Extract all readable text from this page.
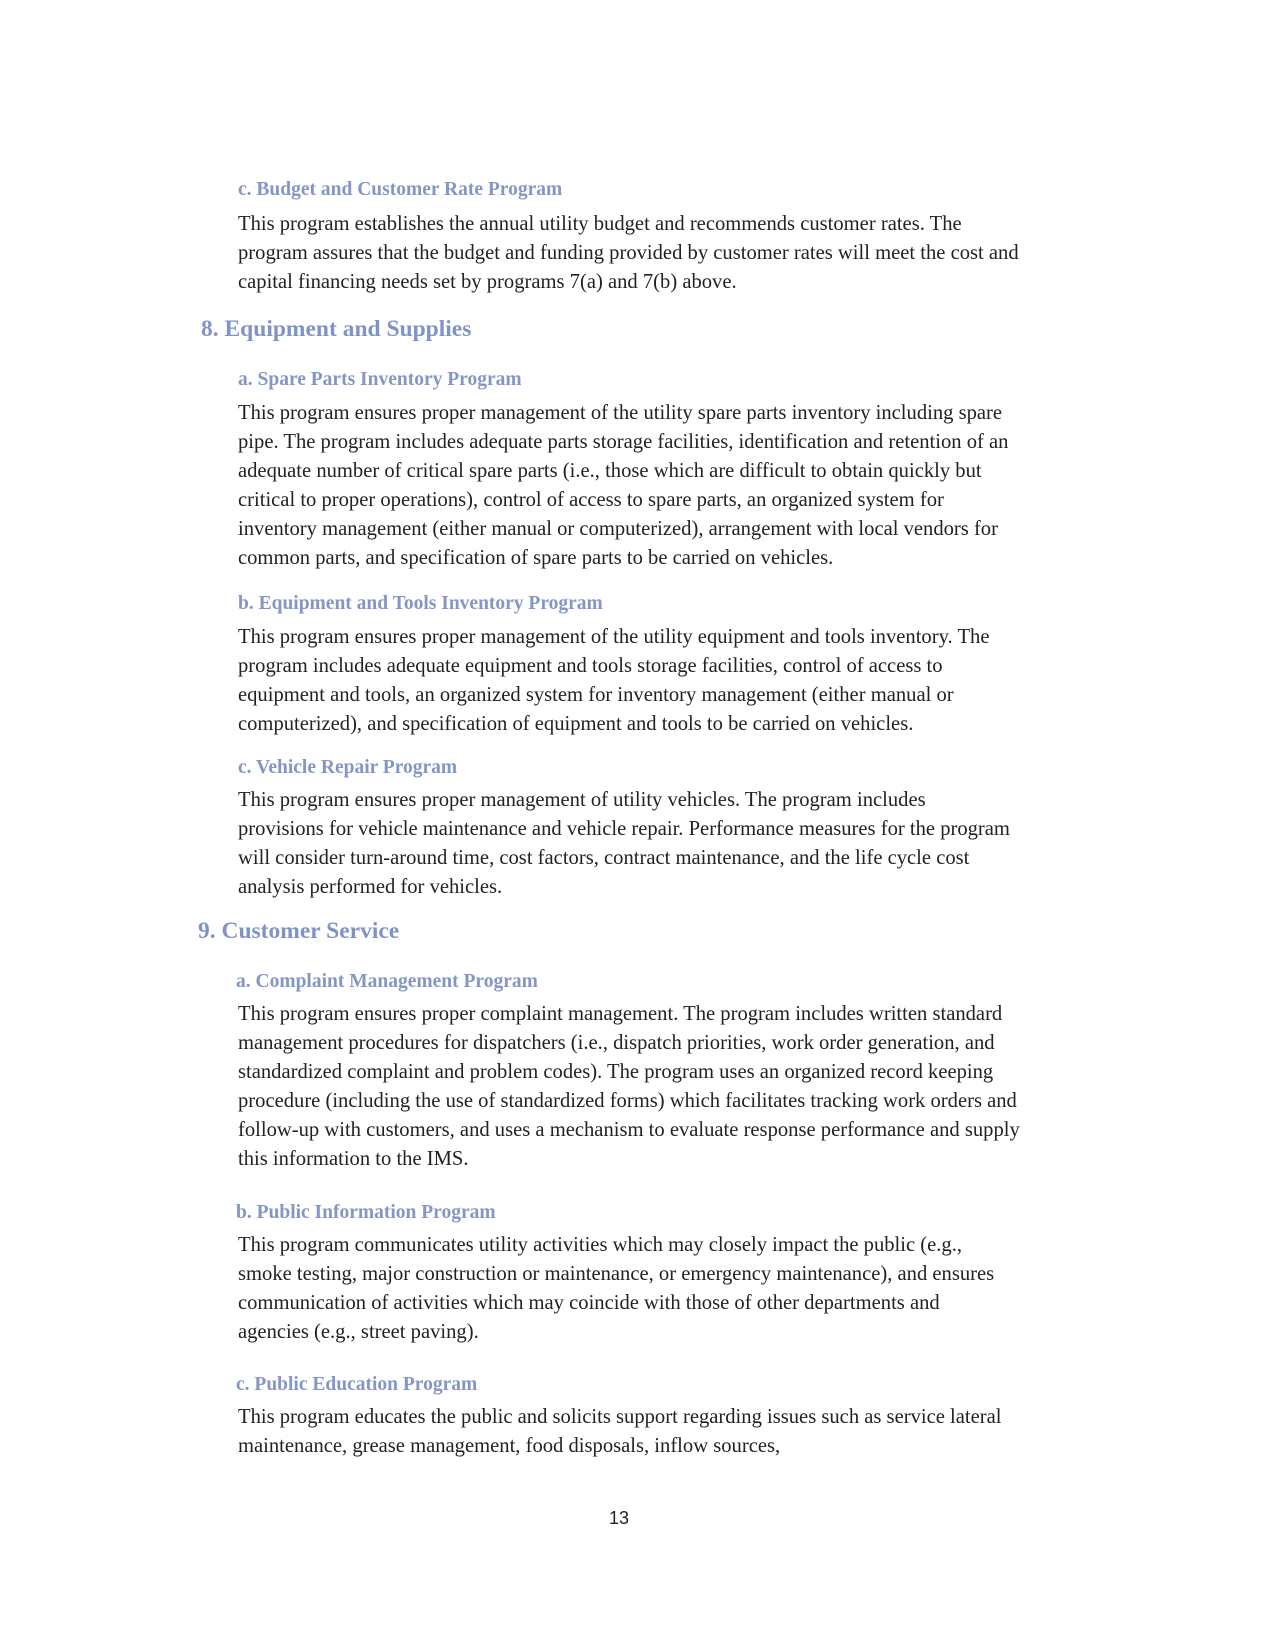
c. Budget and Customer Rate Program
This program establishes the annual utility budget and recommends customer rates. The
program assures that the budget and funding provided by customer rates will meet the cost and
capital financing needs set by programs 7(a) and 7(b) above.
8. Equipment and Supplies
a. Spare Parts Inventory Program
This program ensures proper management of the utility spare parts inventory including spare
pipe. The program includes adequate parts storage facilities, identification and retention of an
adequate number of critical spare parts (i.e., those which are difficult to obtain quickly but
critical to proper operations), control of access to spare parts, an organized system for
inventory management (either manual or computerized), arrangement with local vendors for
common parts, and specification of spare parts to be carried on vehicles.
b. Equipment and Tools Inventory Program
This program ensures proper management of the utility equipment and tools inventory. The
program includes adequate equipment and tools storage facilities, control of access to
equipment and tools, an organized system for inventory management (either manual or
computerized), and specification of equipment and tools to be carried on vehicles.
c. Vehicle Repair Program
This program ensures proper management of utility vehicles. The program includes
provisions for vehicle maintenance and vehicle repair. Performance measures for the program
will consider turn-around time, cost factors, contract maintenance, and the life cycle cost
analysis performed for vehicles.
9. Customer Service
a. Complaint Management Program
This program ensures proper complaint management. The program includes written standard
management procedures for dispatchers (i.e., dispatch priorities, work order generation, and
standardized complaint and problem codes). The program uses an organized record keeping
procedure (including the use of standardized forms) which facilitates tracking work orders and
follow-up with customers, and uses a mechanism to evaluate response performance and supply
this information to the IMS.
b. Public Information Program
This program communicates utility activities which may closely impact the public (e.g.,
smoke testing, major construction or maintenance, or emergency maintenance), and ensures
communication of activities which may coincide with those of other departments and
agencies (e.g., street paving).
c. Public Education Program
This program educates the public and solicits support regarding issues such as service lateral
maintenance, grease management, food disposals, inflow sources,
13
